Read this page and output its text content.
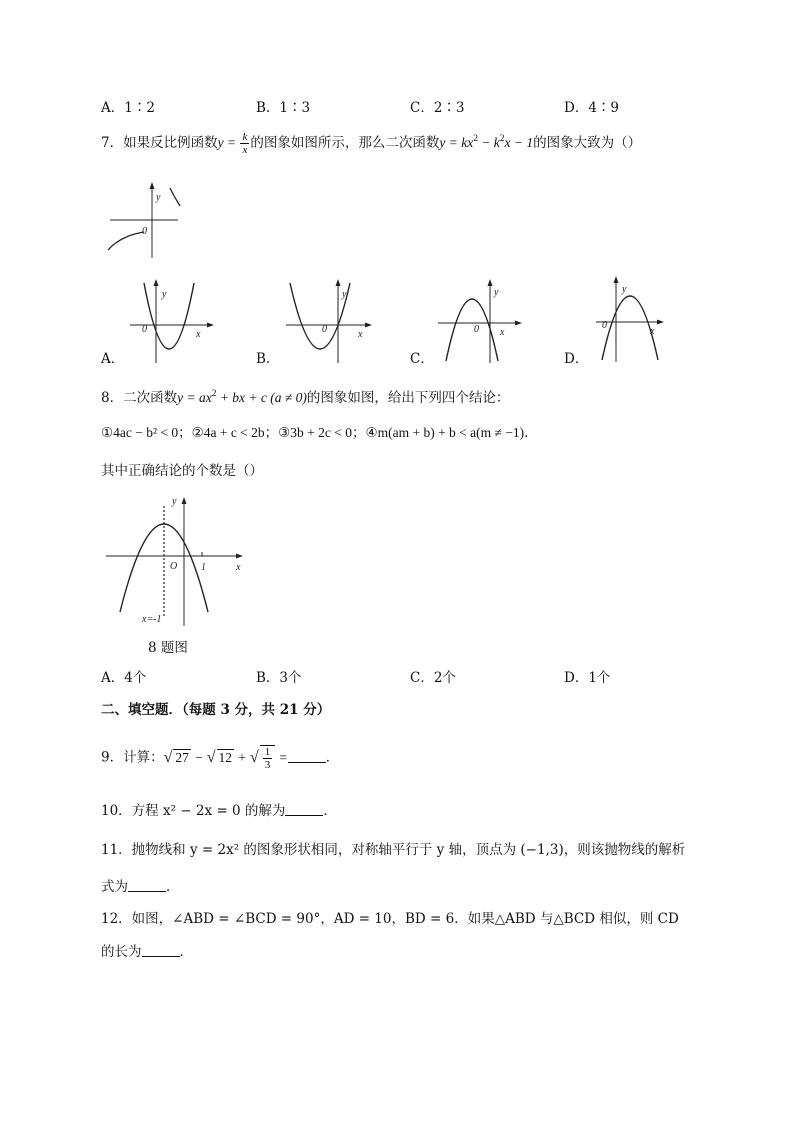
A．1∶2	B．1∶3	C．2∶3	D．4∶9
7．如果反比例函数$y = \frac{k}{x}$ 的图象如图所示，那么二次函数$y = kx^2 - k^2x - 1$的图象大致为（）
y
0
y
x
0
y
x
0
y
x
0
y
x
0
A．	B．	C．	D．
8．二次函数$y = ax^2$ + bx + c (a ≠ 0)的图象如图，给出下列四个结论：
①4ac − b² < 0；②4a + c < 2b；③3b + 2c < 0；④m(am + b) + b < a(m ≠ −1)．
其中正确结论的个数是（）
y
x
O 1
x=-1
8 题图
A．4个	B．3个	C．2个	D．1个
二、填空题．（每题 3 分，共 21 分）
9．计算：√ 27 − √ 12 + √ $\frac{1}{3}$ =	．
10．方程 x² − 2x = 0 的解为	．
11．抛物线和 y = 2x² 的图象形状相同，对称轴平行于 y 轴，顶点为 (−1,3)，则该抛物线的解析
式为	．
12．如图，∠ABD = ∠BCD = 90°，AD = 10，BD = 6．如果△ABD 与△BCD 相似，则 CD
的长为	．
